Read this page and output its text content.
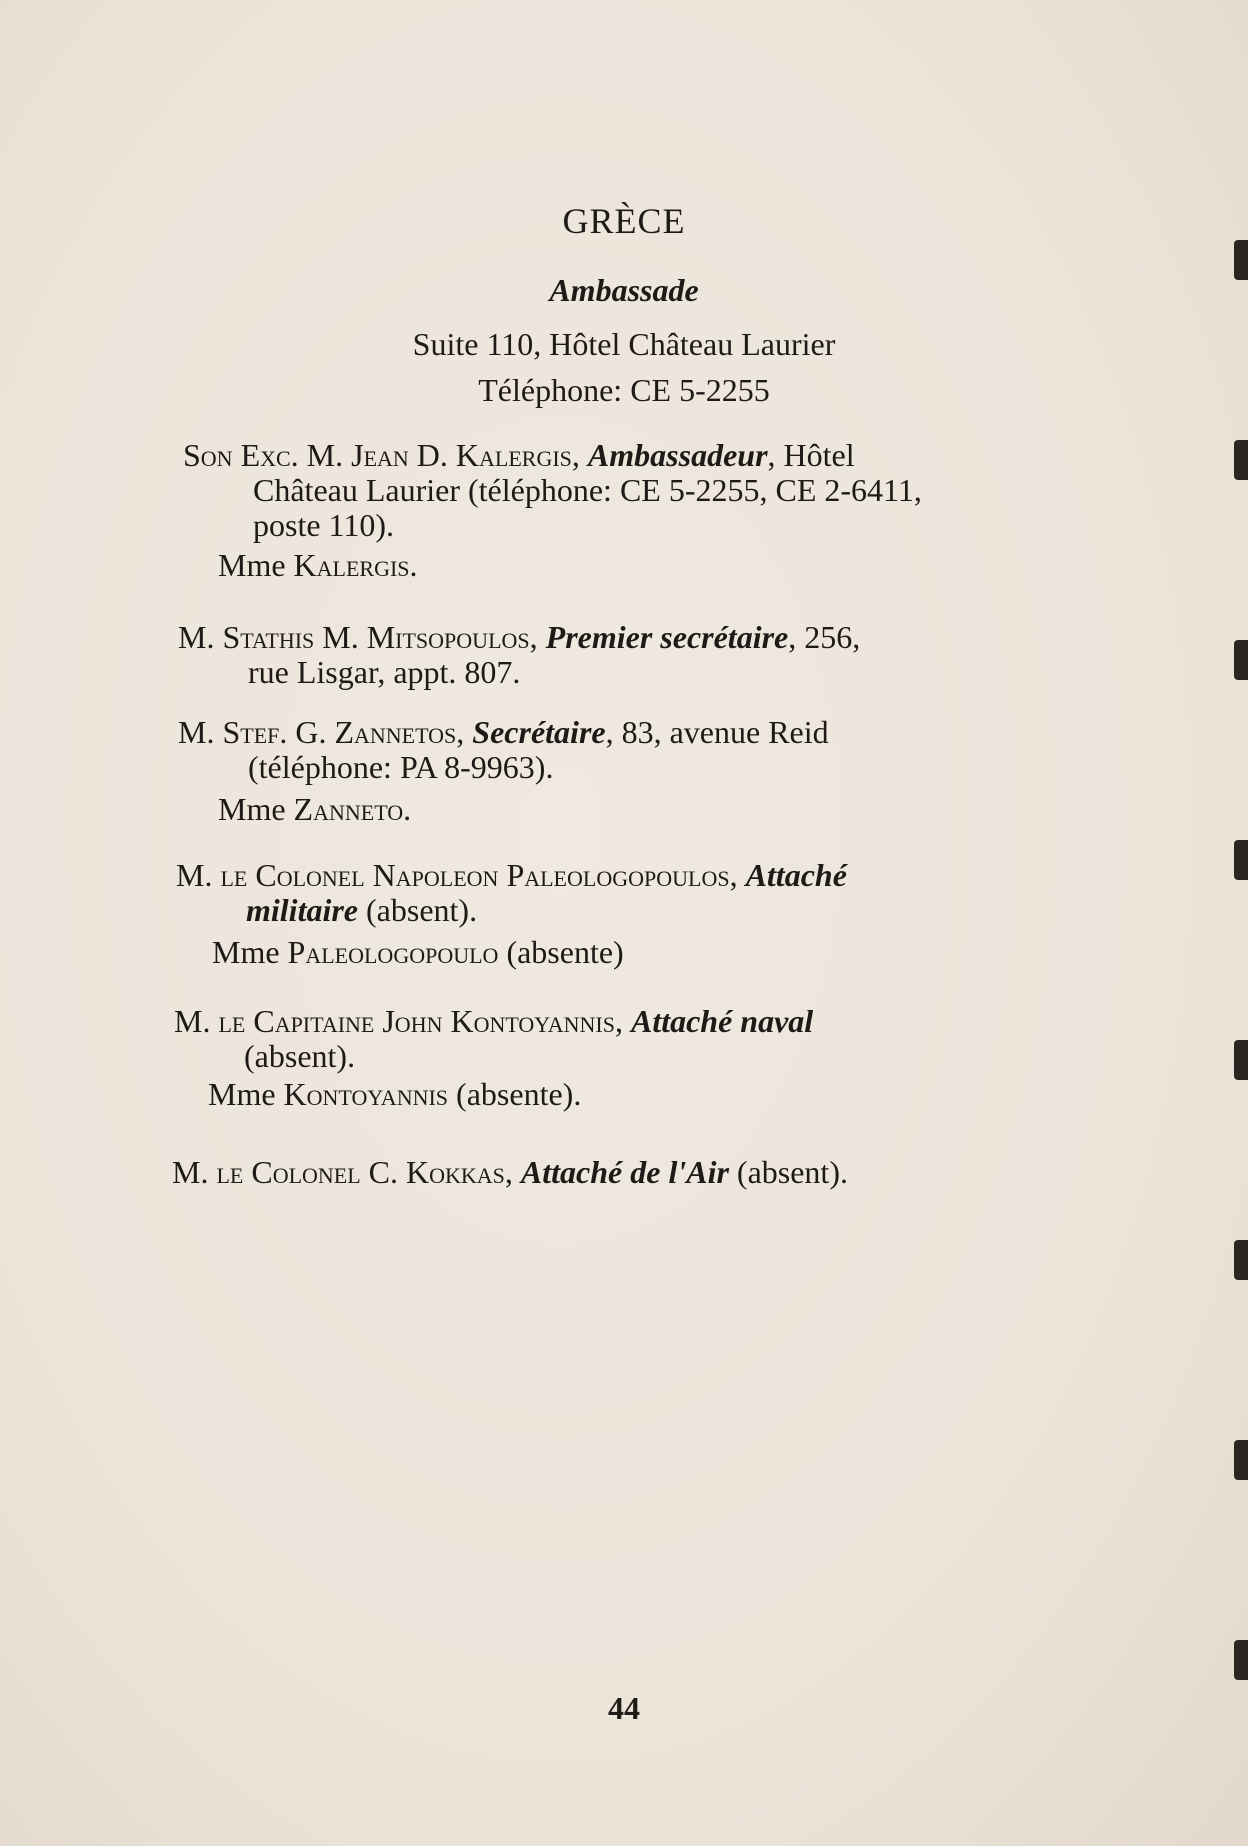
GRÈCE
Ambassade
Suite 110, Hôtel Château Laurier
Téléphone: CE 5-2255
Son Exc. M. Jean D. Kalergis, Ambassadeur, Hôtel
Château Laurier (téléphone: CE 5-2255, CE 2-6411,
poste 110).
Mme Kalergis.
M. Stathis M. Mitsopoulos, Premier secrétaire, 256,
rue Lisgar, appt. 807.
M. Stef. G. Zannetos, Secrétaire, 83, avenue Reid
(téléphone: PA 8-9963).
Mme Zanneto.
M. le Colonel Napoleon Paleologopoulos, Attaché
militaire (absent).
Mme Paleologopoulo (absente)
M. le Capitaine John Kontoyannis, Attaché naval
(absent).
Mme Kontoyannis (absente).
M. le Colonel C. Kokkas, Attaché de l'Air (absent).
44
